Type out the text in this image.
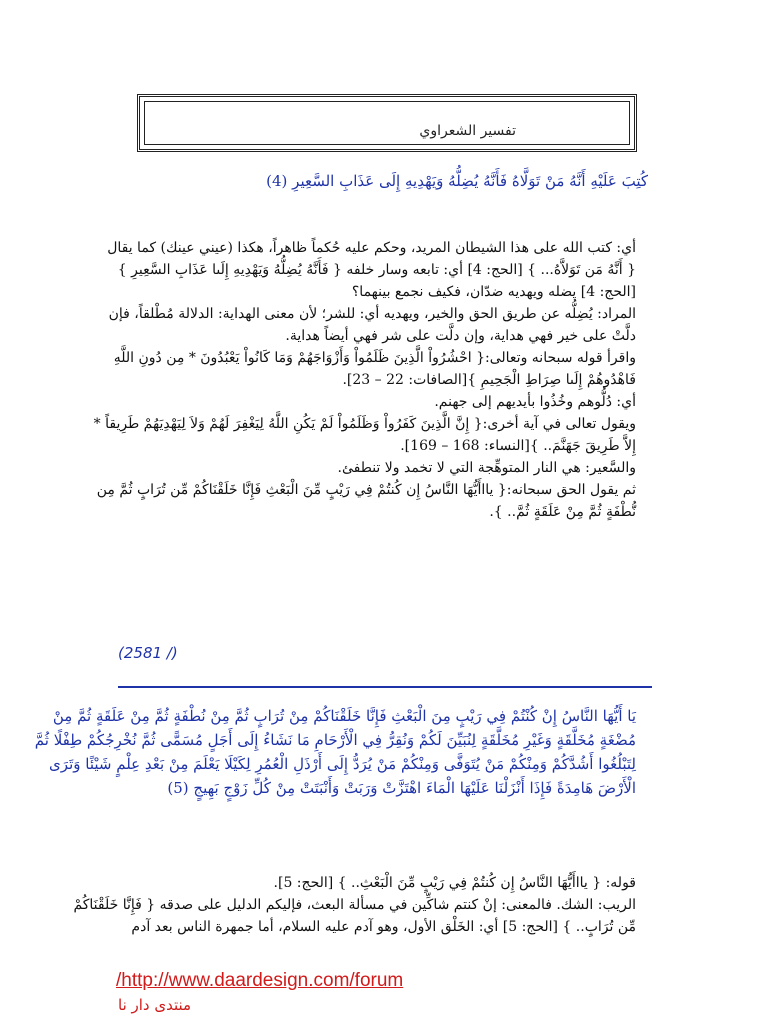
تفسير الشعراوي
كُتِبَ عَلَيْهِ أَنَّهُ مَنْ تَوَلَّاهُ فَأَنَّهُ يُضِلُّهُ وَيَهْدِيهِ إِلَى عَذَابِ السَّعِيرِ (4)

أي: كتب الله على هذا الشيطان المريد، وحكم عليه حُكماً ظاهراً، هكذا (عيني عينك) كما يقال

{ أَنَّهُ مَن تَوَلاَّهُ... } [الحج: 4] أي: تابعه وسار خلفه { فَأَنَّهُ يُضِلُّهُ وَيَهْدِيهِ إِلَىا عَذَابِ السَّعِيرِ }

[الحج: 4] يضله ويهديه ضدّان، فكيف نجمع بينهما؟

المراد: يُضِلُّه عن طريق الحق والخير، ويهديه أي: للشر؛ لأن معنى الهداية: الدلالة مُطْلقاً، فإن

دلَّتْ على خير فهي هداية، وإن دلَّت على شر فهي أيضاً هداية.

واقرأ قوله سبحانه وتعالى:{ احْشُرُواْ الَّذِينَ ظَلَمُواْ وَأَزْوَاجَهُمْ وَمَا كَانُواْ يَعْبُدُونَ * مِن دُونِ اللَّهِ

فَاهْدُوهُمْ إِلَىا صِرَاطِ الْجَحِيمِ }[الصافات: 22 – 23].

أي: دُلُّوهم وخُذُوا بأيديهم إلى جهنم.

ويقول تعالى في آية أخرى:{ إِنَّ الَّذِينَ كَفَرُواْ وَظَلَمُواْ لَمْ يَكُنِ اللَّهُ لِيَغْفِرَ لَهُمْ وَلاَ لِيَهْدِيَهُمْ طَرِيقاً *

إِلاَّ طَرِيقَ جَهَنَّمَ.. }[النساء: 168 – 169].

والسَّعير: هي النار المتوهِّجة التي لا تخمد ولا تنطفئ.

ثم يقول الحق سبحانه:{ يااأَيُّهَا النَّاسُ إِن كُنتُمْ فِي رَيْبٍ مِّنَ الْبَعْثِ فَإِنَّا خَلَقْنَاكُمْ مِّن تُرَابٍ ثُمَّ مِن

نُّطْفَةٍ ثُمَّ مِنْ عَلَقَةٍ ثُمَّ.. }.

(2581 /)

يَا أَيُّهَا النَّاسُ إِنْ كُنْتُمْ فِي رَيْبٍ مِنَ الْبَعْثِ فَإِنَّا خَلَقْنَاكُمْ مِنْ تُرَابٍ ثُمَّ مِنْ نُطْفَةٍ ثُمَّ مِنْ عَلَقَةٍ ثُمَّ مِنْ

مُضْغَةٍ مُخَلَّقَةٍ وَغَيْرِ مُخَلَّقَةٍ لِنُبَيِّنَ لَكُمْ وَنُقِرُّ فِي الْأَرْحَامِ مَا نَشَاءُ إِلَى أَجَلٍ مُسَمًّى ثُمَّ نُخْرِجُكُمْ طِفْلًا ثُمَّ

لِتَبْلُغُوا أَشُدَّكُمْ وَمِنْكُمْ مَنْ يُتَوَفَّى وَمِنْكُمْ مَنْ يُرَدُّ إِلَى أَرْذَلِ الْعُمُرِ لِكَيْلَا يَعْلَمَ مِنْ بَعْدِ عِلْمٍ شَيْئًا وَتَرَى

الْأَرْضَ هَامِدَةً فَإِذَا أَنْزَلْنَا عَلَيْهَا الْمَاءَ اهْتَزَّتْ وَرَبَتْ وَأَنْبَتَتْ مِنْ كُلِّ زَوْجٍ بَهِيجٍ (5)

قوله: { يااأَيُّهَا النَّاسُ إِن كُنتُمْ فِي رَيْبٍ مِّنَ الْبَعْثِ.. } [الحج: 5].

الريب: الشك. فالمعنى: إنْ كنتم شاكِّين في مسألة البعث، فإليكم الدليل على صدقه { فَإِنَّا خَلَقْنَاكُمْ

مِّن تُرَابٍ.. } [الحج: 5] أي: الخَلْق الأول، وهو آدم عليه السلام، أما جمهرة الناس بعد آدم

/http://www.daardesign.com/forum
منتدى دار نا
